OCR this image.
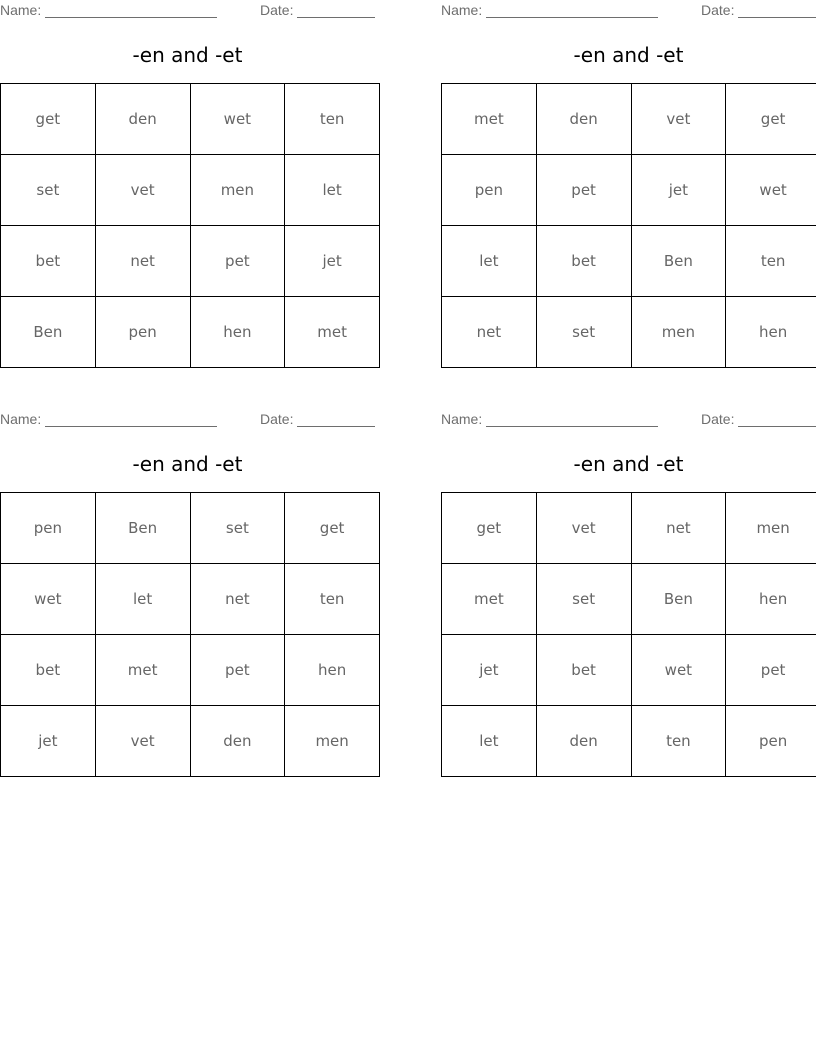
Name:	Date:
-en and -et
get	den	wet	ten
set	vet	men	let
bet	net	pet	jet
Ben	pen	hen	met
Name:	Date:
-en and -et
met	den	vet	get
pen	pet	jet	wet
let	bet	Ben	ten
net	set	men	hen
Name:	Date:
-en and -et
pen	Ben	set	get
wet	let	net	ten
bet	met	pet	hen
jet	vet	den	men
Name:	Date:
-en and -et
get	vet	net	men
met	set	Ben	hen
jet	bet	wet	pet
let	den	ten	pen
